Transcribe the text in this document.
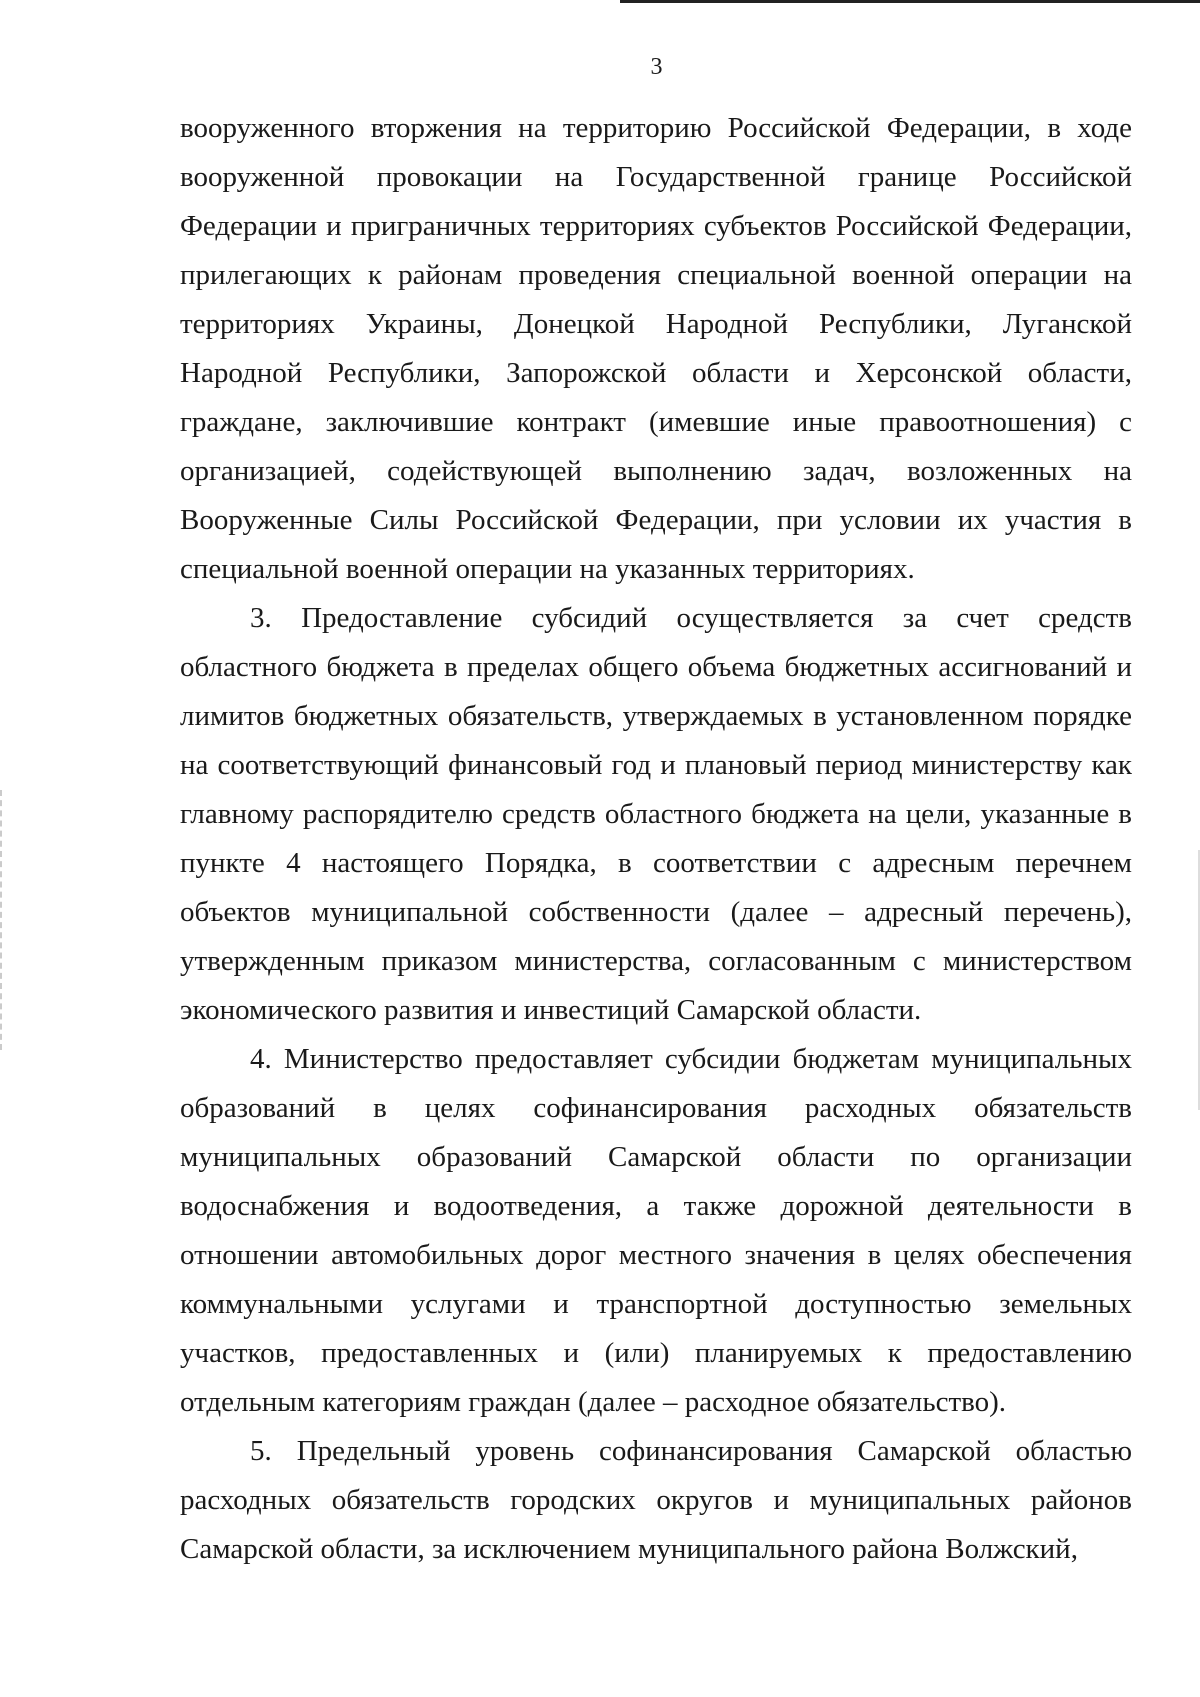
3

вооруженного вторжения на территорию Российской Федерации, в ходе вооруженной провокации на Государственной границе Российской Федерации и приграничных территориях субъектов Российской Федерации, прилегающих к районам проведения специальной военной операции на территориях Украины, Донецкой Народной Республики, Луганской Народной Республики, Запорожской области и Херсонской области, граждане, заключившие контракт (имевшие иные правоотношения) с организацией, содействующей выполнению задач, возложенных на Вооруженные Силы Российской Федерации, при условии их участия в специальной военной операции на указанных территориях.

3. Предоставление субсидий осуществляется за счет средств областного бюджета в пределах общего объема бюджетных ассигнований и лимитов бюджетных обязательств, утверждаемых в установленном порядке на соответствующий финансовый год и плановый период министерству как главному распорядителю средств областного бюджета на цели, указанные в пункте 4 настоящего Порядка, в соответствии с адресным перечнем объектов муниципальной собственности (далее – адресный перечень), утвержденным приказом министерства, согласованным с министерством экономического развития и инвестиций Самарской области.

4. Министерство предоставляет субсидии бюджетам муниципальных образований в целях софинансирования расходных обязательств муниципальных образований Самарской области по организации водоснабжения и водоотведения, а также дорожной деятельности в отношении автомобильных дорог местного значения в целях обеспечения коммунальными услугами и транспортной доступностью земельных участков, предоставленных и (или) планируемых к предоставлению отдельным категориям граждан (далее – расходное обязательство).

5. Предельный уровень софинансирования Самарской областью расходных обязательств городских округов и муниципальных районов Самарской области, за исключением муниципального района Волжский,
